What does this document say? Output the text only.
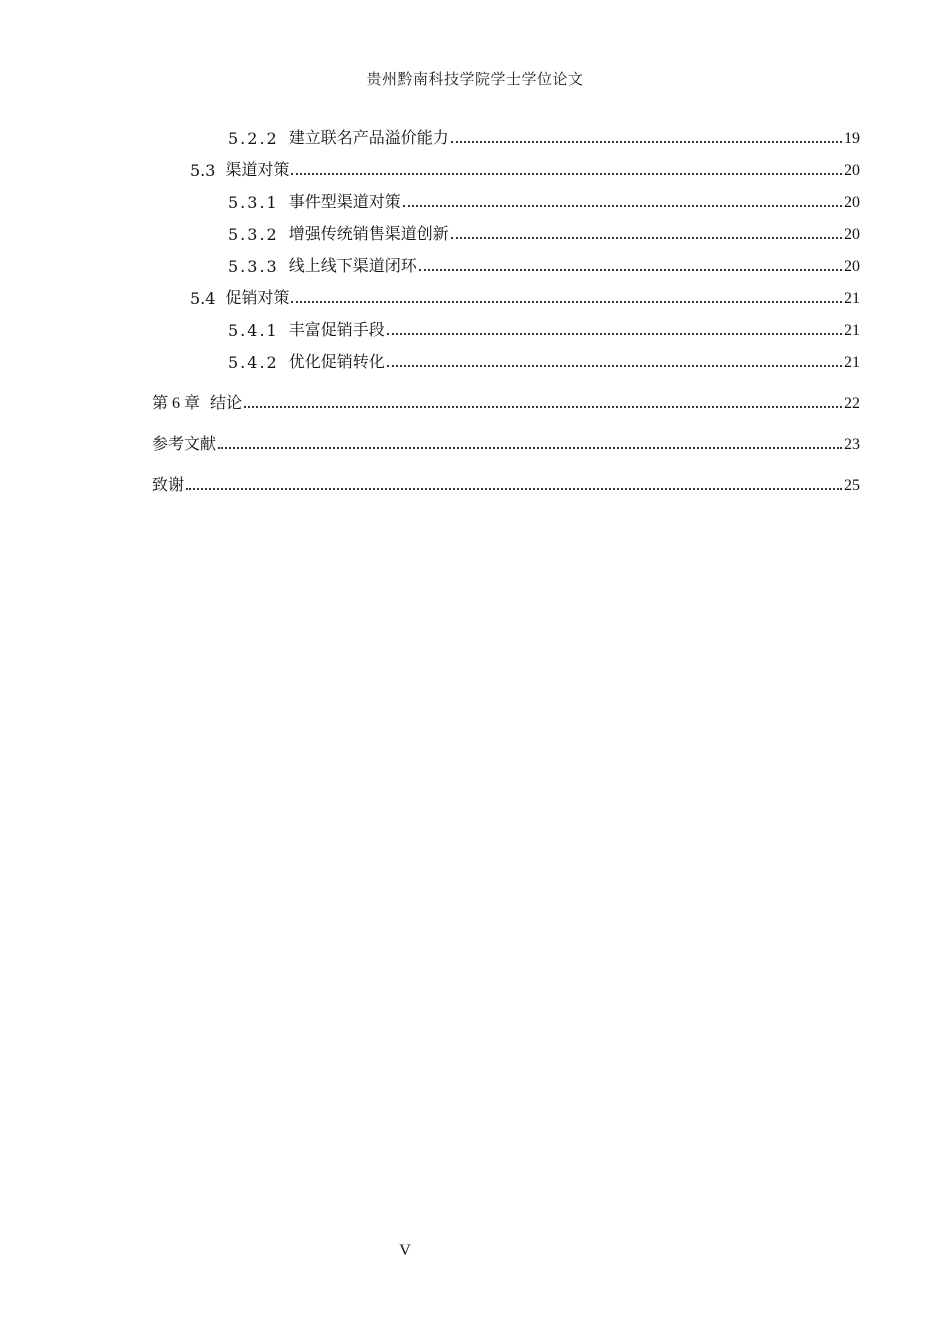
贵州黔南科技学院学士学位论文
5.2.2 建立联名产品溢价能力	19
5.3 渠道对策	20
5.3.1 事件型渠道对策	20
5.3.2 增强传统销售渠道创新	20
5.3.3 线上线下渠道闭环	20
5.4 促销对策	21
5.4.1 丰富促销手段	21
5.4.2 优化促销转化	21
第 6 章 结论	22
参考文献	23
致谢	25
V
